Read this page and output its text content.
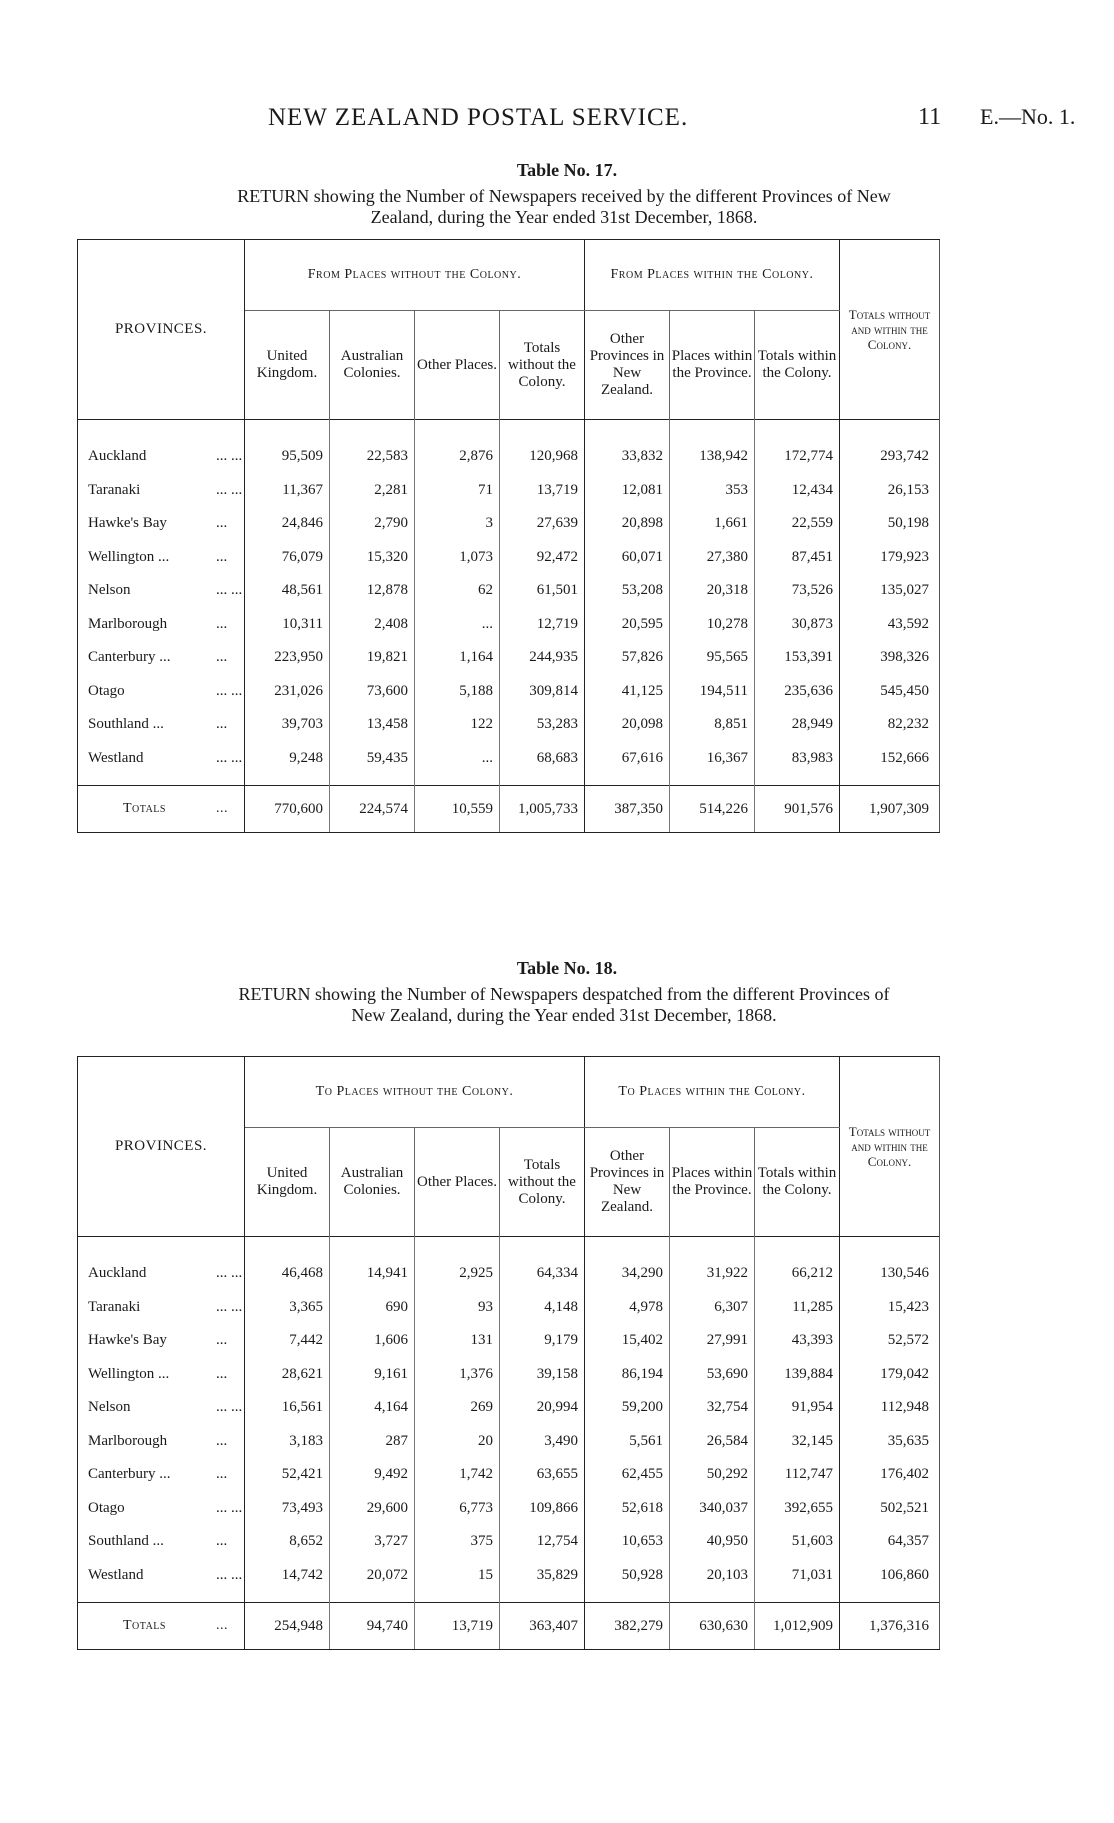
NEW ZEALAND POSTAL SERVICE.	11 E.—No. 1.
Table No. 17.
RETURN showing the Number of Newspapers received by the different Provinces of New
Zealand, during the Year ended 31st December, 1868.
PROVINCES.	From Places without the Colony.				From Places within the Colony.			Totals without and within the Colony.
	United Kingdom.	Australian Colonies.	Other Places.	Totals without the Colony.	Other Provinces in New Zealand.	Places within the Province.	Totals within the Colony.	

Auckland ... ...	95,509	22,583	2,876	120,968	33,832	138,942	172,774	293,742
Taranaki ... ...	11,367	2,281	71	13,719	12,081	353	12,434	26,153
Hawke's Bay ...	24,846	2,790	3	27,639	20,898	1,661	22,559	50,198
Wellington ... ...	76,079	15,320	1,073	92,472	60,071	27,380	87,451	179,923
Nelson ... ...	48,561	12,878	62	61,501	53,208	20,318	73,526	135,027
Marlborough ...	10,311	2,408	...	12,719	20,595	10,278	30,873	43,592
Canterbury ... ...	223,950	19,821	1,164	244,935	57,826	95,565	153,391	398,326
Otago ... ...	231,026	73,600	5,188	309,814	41,125	194,511	235,636	545,450
Southland ... ...	39,703	13,458	122	53,283	20,098	8,851	28,949	82,232
Westland ... ...	9,248	59,435	...	68,683	67,616	16,367	83,983	152,666

Totals ...	770,600	224,574	10,559	1,005,733	387,350	514,226	901,576	1,907,309
Table No. 18.
RETURN showing the Number of Newspapers despatched from the different Provinces of
New Zealand, during the Year ended 31st December, 1868.
PROVINCES.	To Places without the Colony.				To Places within the Colony.			Totals without and within the Colony.
	United Kingdom.	Australian Colonies.	Other Places.	Totals without the Colony.	Other Provinces in New Zealand.	Places within the Province.	Totals within the Colony.	

Auckland ... ...	46,468	14,941	2,925	64,334	34,290	31,922	66,212	130,546
Taranaki ... ...	3,365	690	93	4,148	4,978	6,307	11,285	15,423
Hawke's Bay ...	7,442	1,606	131	9,179	15,402	27,991	43,393	52,572
Wellington ... ...	28,621	9,161	1,376	39,158	86,194	53,690	139,884	179,042
Nelson ... ...	16,561	4,164	269	20,994	59,200	32,754	91,954	112,948
Marlborough ...	3,183	287	20	3,490	5,561	26,584	32,145	35,635
Canterbury ... ...	52,421	9,492	1,742	63,655	62,455	50,292	112,747	176,402
Otago ... ...	73,493	29,600	6,773	109,866	52,618	340,037	392,655	502,521
Southland ... ...	8,652	3,727	375	12,754	10,653	40,950	51,603	64,357
Westland ... ...	14,742	20,072	15	35,829	50,928	20,103	71,031	106,860

Totals ...	254,948	94,740	13,719	363,407	382,279	630,630	1,012,909	1,376,316
